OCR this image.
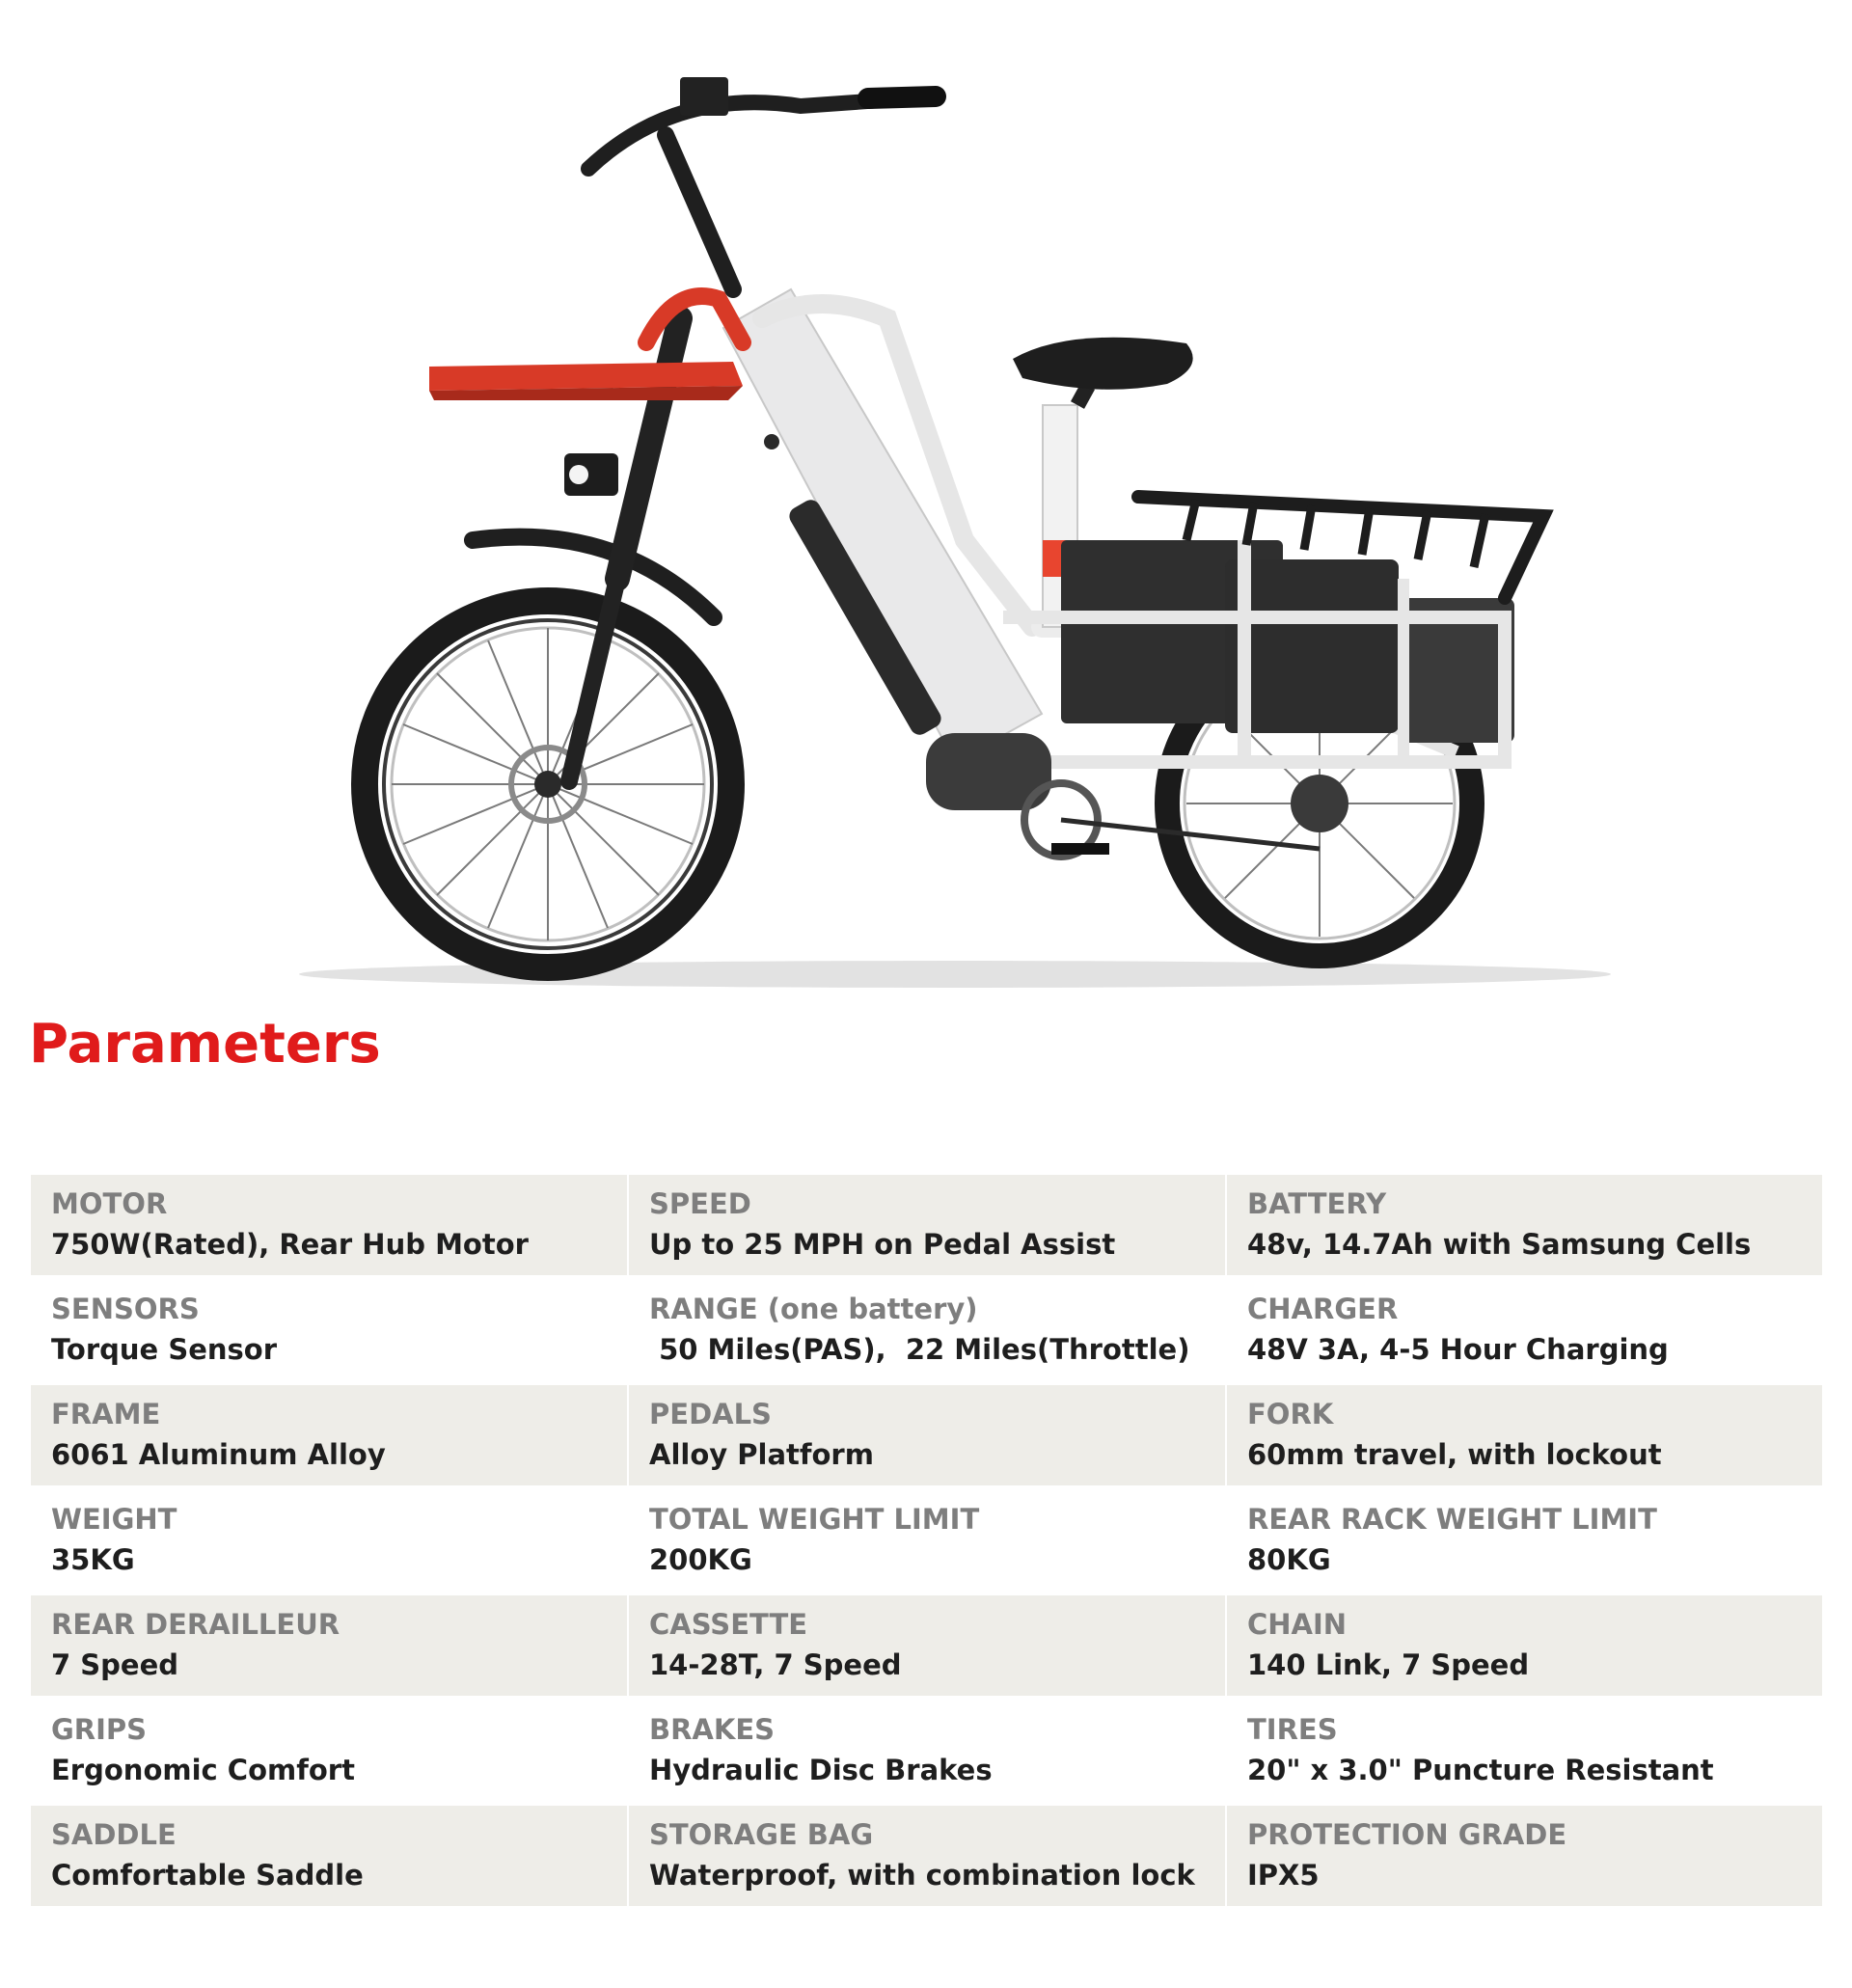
Parameters
MOTOR
750W(Rated), Rear Hub Motor
SPEED
Up to 25 MPH on Pedal Assist
BATTERY
48v, 14.7Ah with Samsung Cells
SENSORS
Torque Sensor
RANGE (one battery)
50 Miles(PAS),  22 Miles(Throttle)
CHARGER
48V 3A, 4-5 Hour Charging
FRAME
6061 Aluminum Alloy
PEDALS
Alloy Platform
FORK
60mm travel, with lockout
WEIGHT
35KG
TOTAL WEIGHT LIMIT
200KG
REAR RACK WEIGHT LIMIT
80KG
REAR DERAILLEUR
7 Speed
CASSETTE
14-28T, 7 Speed
CHAIN
140 Link, 7 Speed
GRIPS
Ergonomic Comfort
BRAKES
Hydraulic Disc Brakes
TIRES
20" x 3.0" Puncture Resistant
SADDLE
Comfortable Saddle
STORAGE BAG
Waterproof, with combination lock
PROTECTION GRADE
IPX5
